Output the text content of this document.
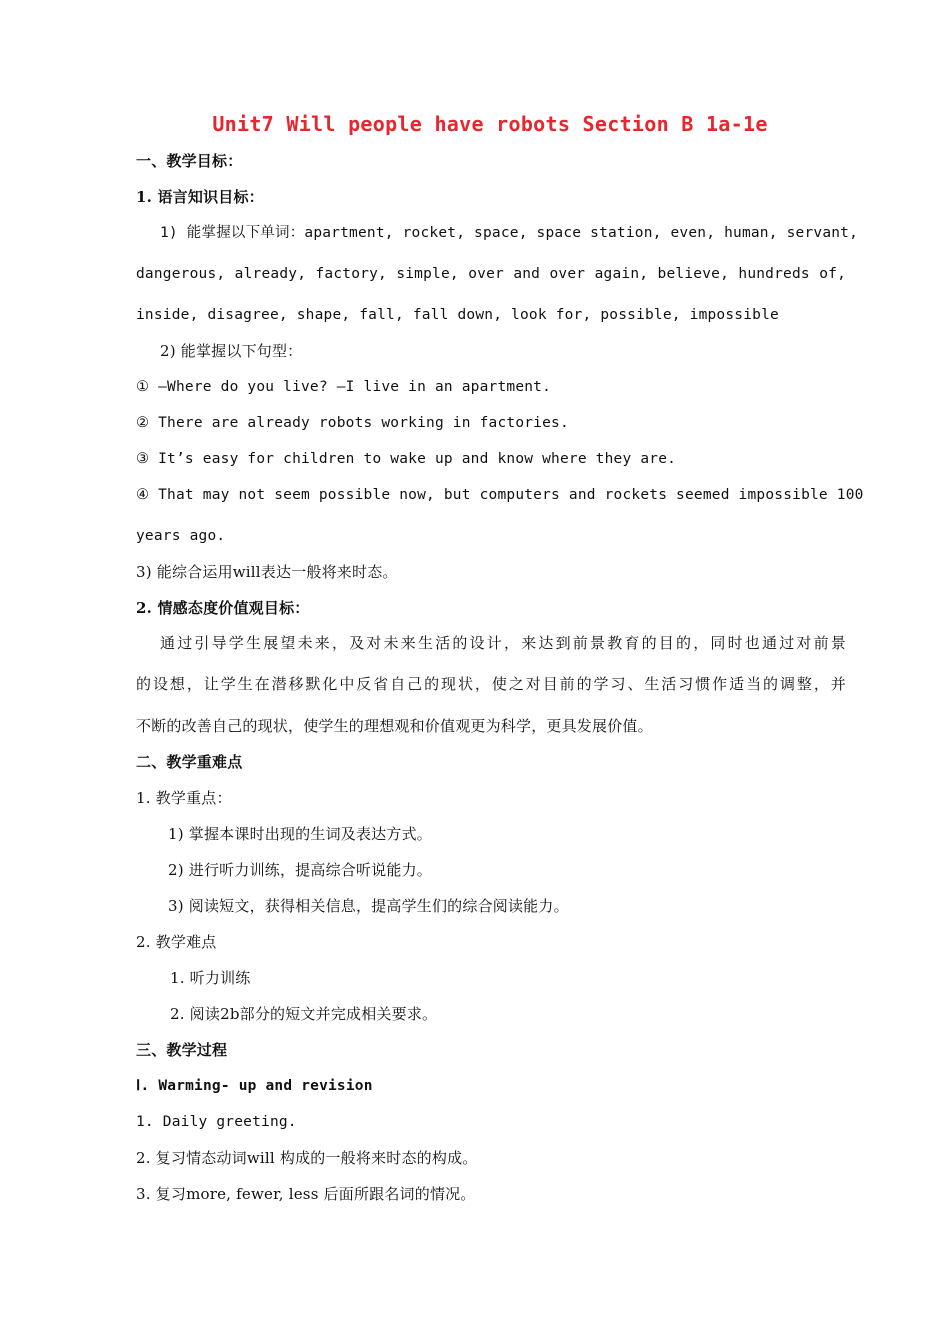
Unit7 Will people have robots Section B 1a-1e
一、教学目标：
1. 语言知识目标：
1) 能掌握以下单词：apartment, rocket, space, space station, even, human, servant,
dangerous, already, factory, simple, over and over again, believe, hundreds of,
inside, disagree, shape, fall, fall down, look for, possible, impossible
2) 能掌握以下句型：
① —Where do you live? —I live in an apartment.
② There are already robots working in factories.
③ It’s easy for children to wake up and know where they are.
④ That may not seem possible now, but computers and rockets seemed impossible 100
years ago.
3) 能综合运用will表达一般将来时态。
2. 情感态度价值观目标：
通过引导学生展望未来，及对未来生活的设计，来达到前景教育的目的，同时也通过对前景
的设想，让学生在潜移默化中反省自己的现状，使之对目前的学习、生活习惯作适当的调整，并
不断的改善自己的现状，使学生的理想观和价值观更为科学，更具发展价值。
二、教学重难点
1. 教学重点：
1) 掌握本课时出现的生词及表达方式。
2) 进行听力训练，提高综合听说能力。
3) 阅读短文，获得相关信息，提高学生们的综合阅读能力。
2. 教学难点
1. 听力训练
2. 阅读2b部分的短文并完成相关要求。
三、教学过程
Ⅰ. Warming- up and revision
1. Daily greeting.
2. 复习情态动词will 构成的一般将来时态的构成。
3. 复习more, fewer, less 后面所跟名词的情况。
